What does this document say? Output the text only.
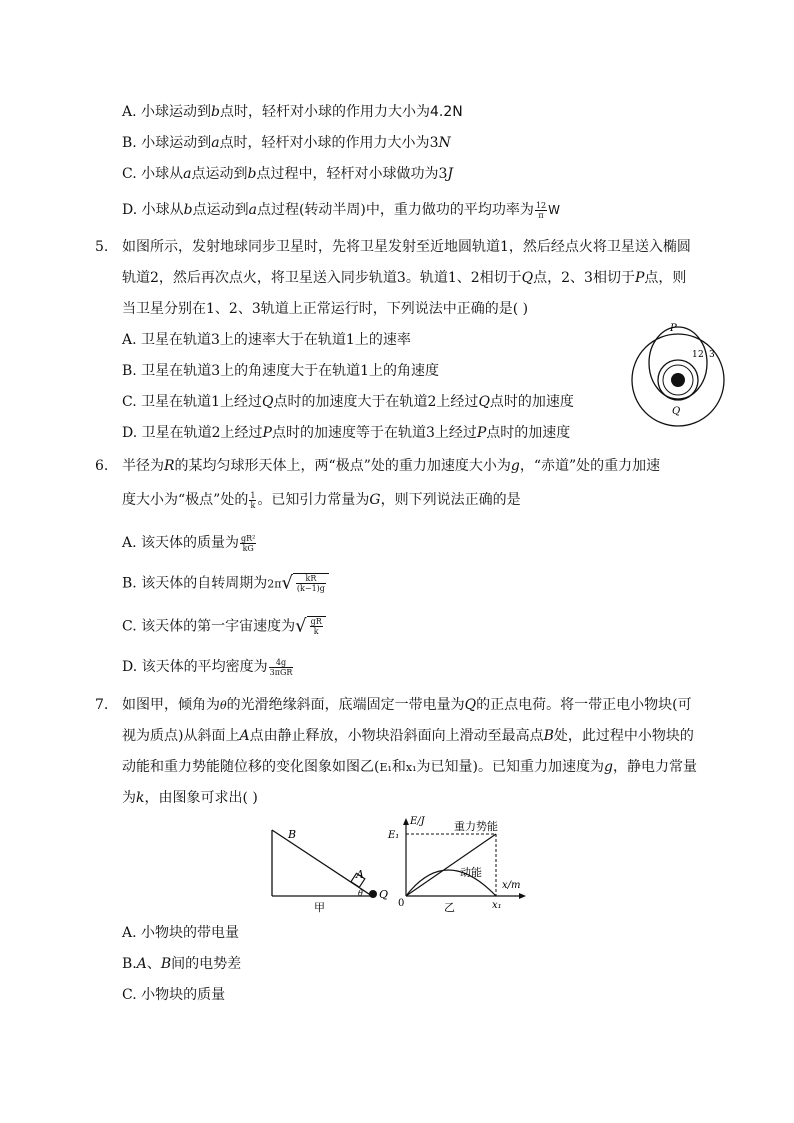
A. 小球运动到b点时，轻杆对小球的作用力大小为4.2N
B. 小球运动到a点时，轻杆对小球的作用力大小为3N
C. 小球从a点运动到b点过程中，轻杆对小球做功为3J
D. 小球从b点运动到a点过程(转动半周)中，重力做功的平均功率为 $\frac{12}{\pi}$ W
5. 如图所示，发射地球同步卫星时，先将卫星发射至近地圆轨道1，然后经点火将卫星送入椭圆
轨道2，然后再次点火，将卫星送入同步轨道3。轨道1、2相切于Q点，2、3相切于P点，则
当卫星分别在1、2、3轨道上正常运行时，下列说法中正确的是( )
A. 卫星在轨道3上的速率大于在轨道1上的速率
B. 卫星在轨道3上的角速度大于在轨道1上的角速度
C. 卫星在轨道1上经过Q点时的加速度大于在轨道2上经过Q点时的加速度
D. 卫星在轨道2上经过P点时的加速度等于在轨道3上经过P点时的加速度
P
Q
1 2 3
6. 半径为R的某均匀球形天体上，两“极点”处的重力加速度大小为g，“赤道”处的重力加速
度大小为“极点”处的 $\frac{1}{k}$ 。已知引力常量为G，则下列说法正确的是
A. 该天体的质量为 $\frac{\text{gR²}}{kG}$
B. 该天体的自转周期为$2\pi√ \frac{kR}{(k-1)g}$
C. 该天体的第一宇宙速度为√ $\frac{gR}{k}$
D. 该天体的平均密度为 $\frac{4g}{\text{3πGR}}$
7. 如图甲，倾角为θ的光滑绝缘斜面，底端固定一带电量为Q的正点电荷。将一带正电小物块(可
视为质点)从斜面上A点由静止释放，小物块沿斜面向上滑动至最高点B处，此过程中小物块的
动能和重力势能随位移的变化图象如图乙(E₁和x₁为已知量)。已知重力加速度为g，静电力常量
为k，由图象可求出( )
B
A
θ Q
甲
E/J
E₁
重力势能
动能
x/m
0	x₁
乙
A. 小物块的带电量
B.A、B间的电势差
C. 小物块的质量
